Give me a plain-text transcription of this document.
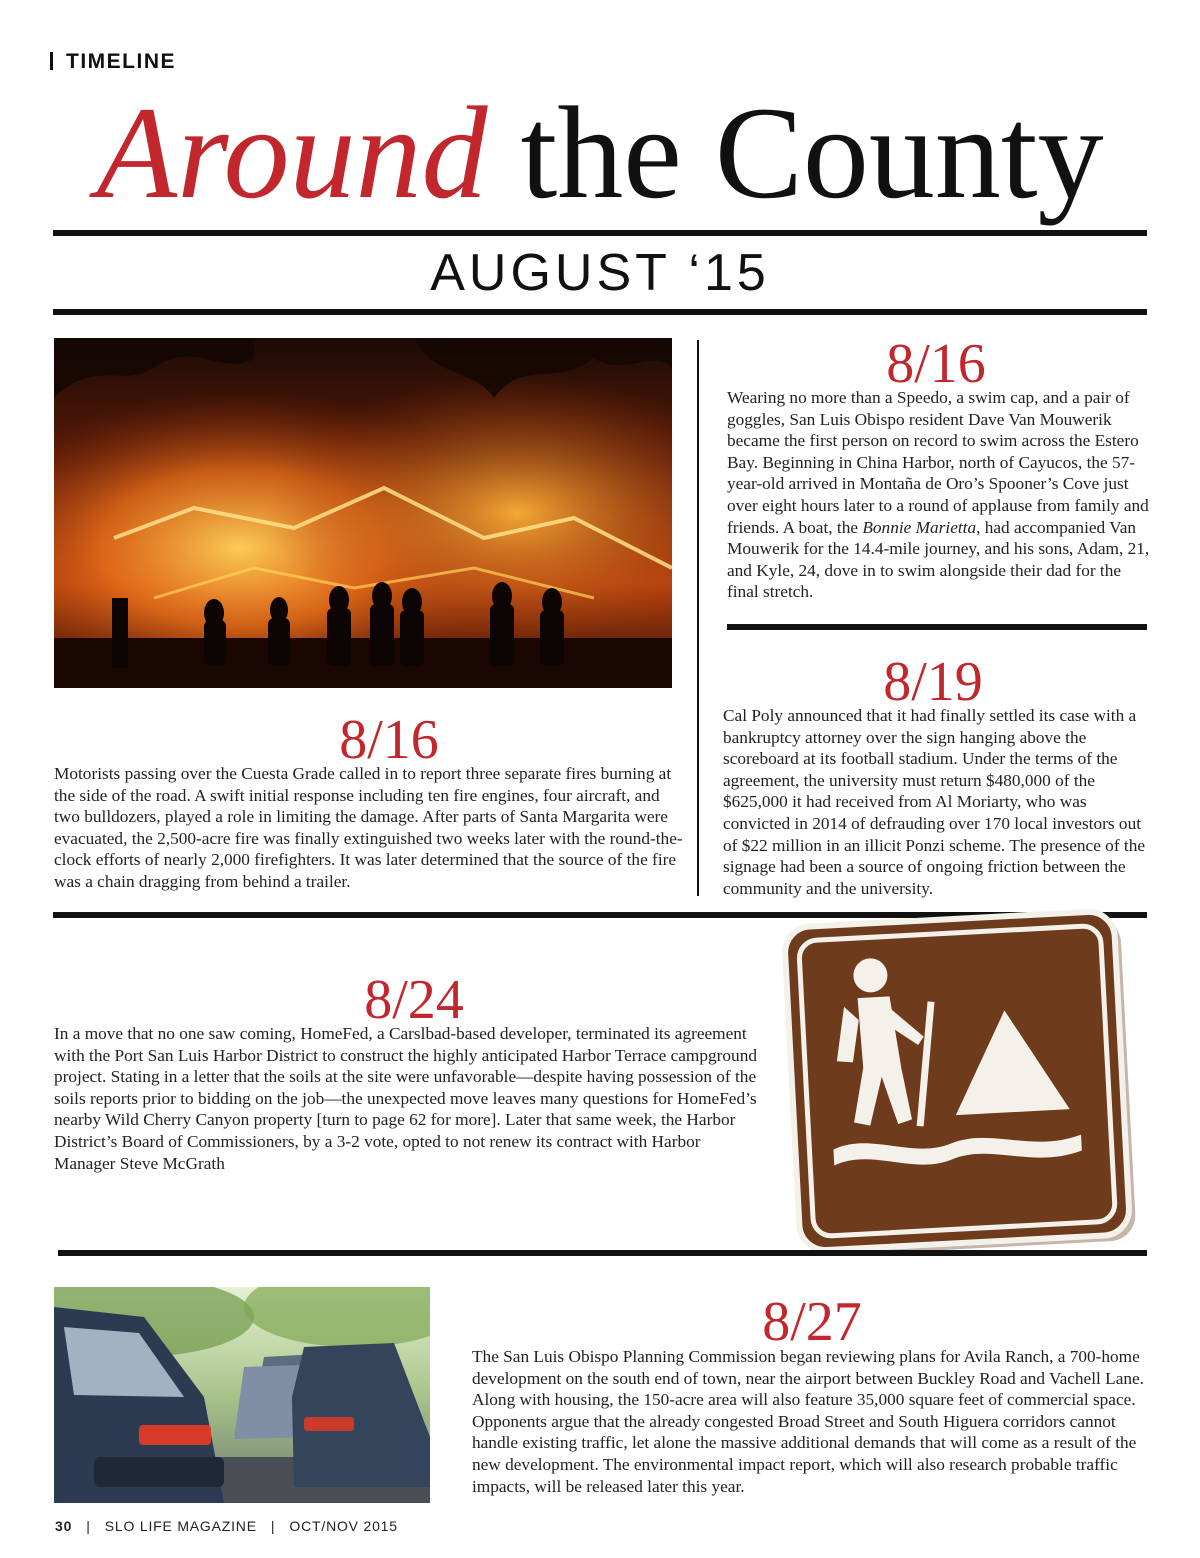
TIMELINE
Around the County
AUGUST ‘15
8/16
Motorists passing over the Cuesta Grade called in to report three separate fires burning at the side of the road. A swift initial response including ten fire engines, four aircraft, and two bulldozers, played a role in limiting the damage. After parts of Santa Margarita were evacuated, the 2,500-acre fire was finally extinguished two weeks later with the round-the-clock efforts of nearly 2,000 firefighters. It was later determined that the source of the fire was a chain dragging from behind a trailer.
8/16
Wearing no more than a Speedo, a swim cap, and a pair of goggles, San Luis Obispo resident Dave Van Mouwerik became the first person on record to swim across the Estero Bay. Beginning in China Harbor, north of Cayucos, the 57-year-old arrived in Montaña de Oro’s Spooner’s Cove just over eight hours later to a round of applause from family and friends. A boat, the Bonnie Marietta, had accompanied Van Mouwerik for the 14.4-mile journey, and his sons, Adam, 21, and Kyle, 24, dove in to swim alongside their dad for the final stretch.
8/19
Cal Poly announced that it had finally settled its case with a bankruptcy attorney over the sign hanging above the scoreboard at its football stadium. Under the terms of the agreement, the university must return $480,000 of the $625,000 it had received from Al Moriarty, who was convicted in 2014 of defrauding over 170 local investors out of $22 million in an illicit Ponzi scheme. The presence of the signage had been a source of ongoing friction between the community and the university.
8/24
In a move that no one saw coming, HomeFed, a Carslbad-based developer, terminated its agreement with the Port San Luis Harbor District to construct the highly anticipated Harbor Terrace campground project. Stating in a letter that the soils at the site were unfavorable—despite having possession of the soils reports prior to bidding on the job—the unexpected move leaves many questions for HomeFed’s nearby Wild Cherry Canyon property [turn to page 62 for more]. Later that same week, the Harbor District’s Board of Commissioners, by a 3-2 vote, opted to not renew its contract with Harbor Manager Steve McGrath
8/27
The San Luis Obispo Planning Commission began reviewing plans for Avila Ranch, a 700-home development on the south end of town, near the airport between Buckley Road and Vachell Lane. Along with housing, the 150-acre area will also feature 35,000 square feet of commercial space. Opponents argue that the already congested Broad Street and South Higuera corridors cannot handle existing traffic, let alone the massive additional demands that will come as a result of the new development. The environmental impact report, which will also research probable traffic impacts, will be released later this year.
30   |   SLO LIFE MAGAZINE   |   OCT/NOV 2015
